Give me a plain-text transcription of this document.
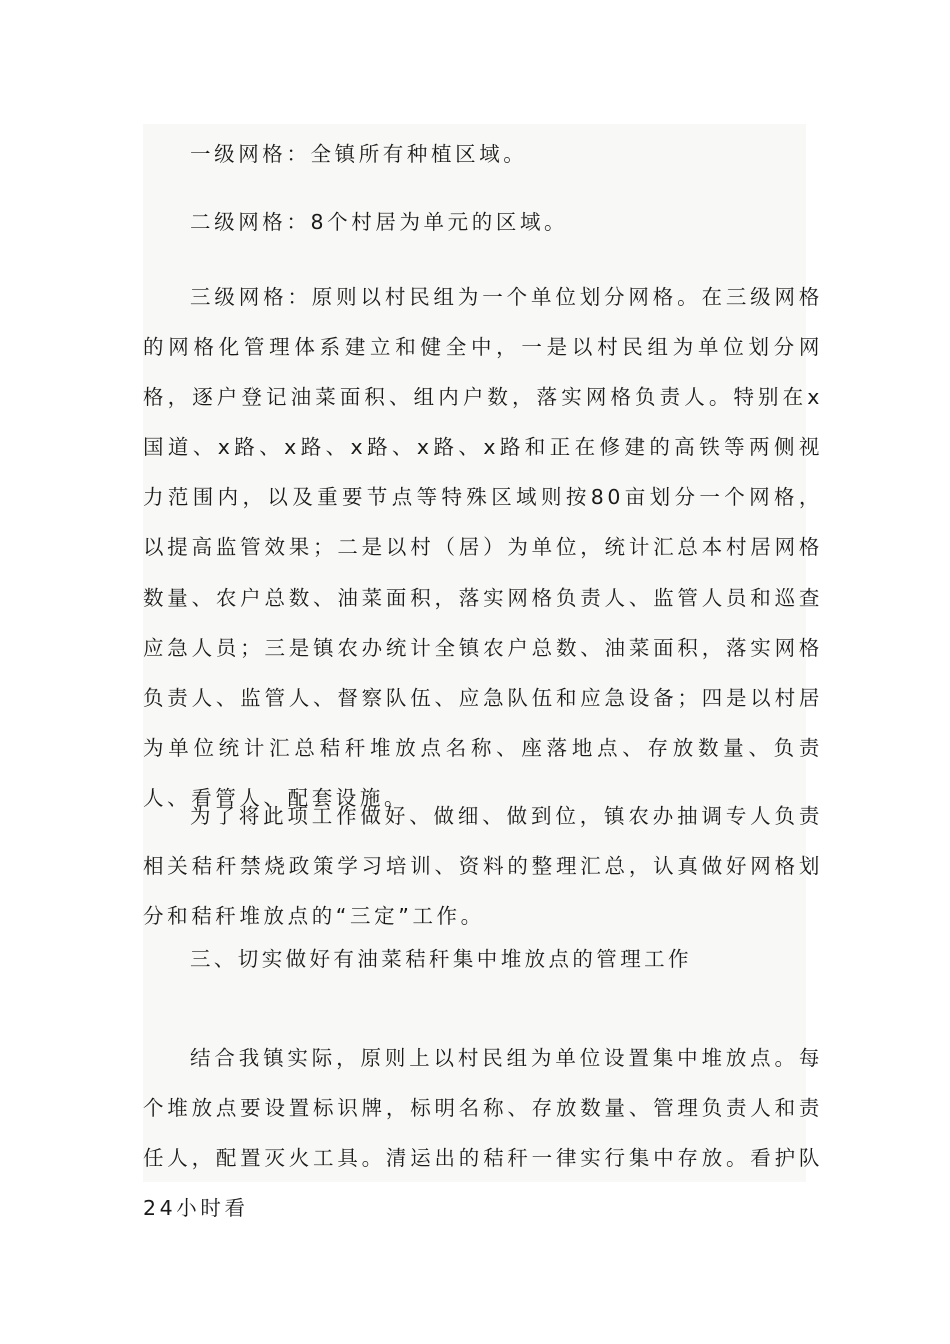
一级网格：全镇所有种植区域。

二级网格：8个村居为单元的区域。

三级网格：原则以村民组为一个单位划分网格。在三级网格的网格化管理体系建立和健全中，一是以村民组为单位划分网格，逐户登记油菜面积、组内户数，落实网格负责人。特别在x国道、x路、x路、x路、x路、x路和正在修建的高铁等两侧视力范围内，以及重要节点等特殊区域则按80亩划分一个网格，以提高监管效果；二是以村（居）为单位，统计汇总本村居网格数量、农户总数、油菜面积，落实网格负责人、监管人员和巡查应急人员；三是镇农办统计全镇农户总数、油菜面积，落实网格负责人、监管人、督察队伍、应急队伍和应急设备；四是以村居为单位统计汇总秸秆堆放点名称、座落地点、存放数量、负责人、看管人、配套设施。

为了将此项工作做好、做细、做到位，镇农办抽调专人负责相关秸秆禁烧政策学习培训、资料的整理汇总，认真做好网格划分和秸秆堆放点的“三定”工作。

三、切实做好有油菜秸秆集中堆放点的管理工作

结合我镇实际，原则上以村民组为单位设置集中堆放点。每个堆放点要设置标识牌，标明名称、存放数量、管理负责人和责任人，配置灭火工具。清运出的秸秆一律实行集中存放。看护队24小时看
